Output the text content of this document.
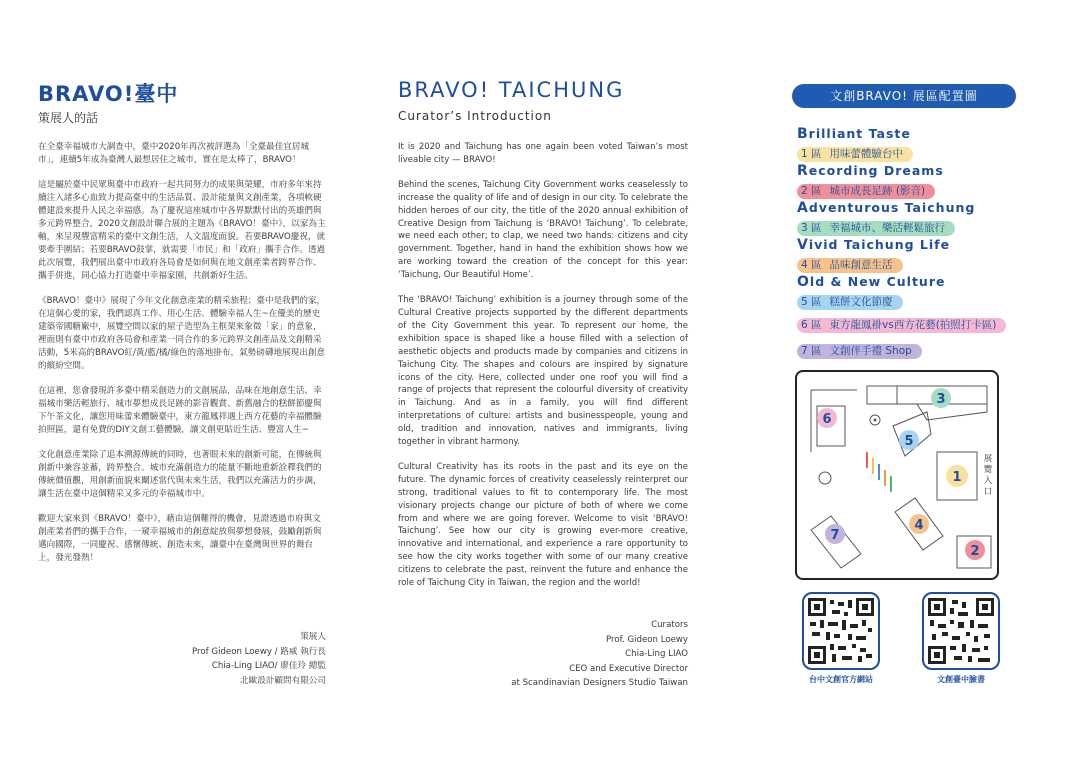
BRAVO!臺中
策展人的話

在全臺幸福城市大調查中，臺中2020年再次被評選為「全臺最佳宜居城市」，連續5年成為臺灣人最想居住之城市，實在是太棒了，BRAVO！

這是屬於臺中民眾與臺中市政府一起共同努力的成果與榮耀，市府多年來持續注入諸多心血致力提高臺中的生活品質、設計能量與文創產業，各項軟硬體建設來提升人民之幸福感。為了慶祝這座城市中各界默默付出的英雄們與多元跨界整合，2020文創設計聯合展的主題為《BRAVO！臺中》，以家為主軸，來呈現豐富精采的臺中文創生活，人文溫度面貌。若要BRAVO慶祝，就要牽手圍結；若要BRAVO鼓掌，就需要「市民」和「政府」攜手合作。透過此次展覽，我們展出臺中市政府各局會是如何與在地文創產業者跨界合作、攜手併進，同心協力打造臺中幸福家園，共創新好生活。

《BRAVO！臺中》展現了今年文化創意產業的精采旅程；臺中是我們的家，在這個心愛的家，我們認真工作、用心生活、體驗幸福人生~在優美的歷史建築帝國糖廠中，展覽空間以家的屋子造型為主框架來象徵「家」的意象，裡面則有臺中市政府各局會和產業一同合作的多元跨界文創產品及文創精采活動，5米高的BRAVO紅/黃/藍/橘/綠色的落地掛布，氣勢磅礴地展現出創意的繽紛空間。

在這裡，您會發現許多臺中精采創造力的文創展品，品味在地創意生活、幸福城市樂活輕旅行、城市夢想成長足跡的影音觀賞、新舊融合的糕餅節慶與下午茶文化，讓您用味蕾來體驗臺中，東方龍鳳祥遇上西方花藝的幸福體驗拍照區，還有免費的DIY文創工藝體驗，讓文創更貼近生活、豐富人生~

文化創意產業除了追本溯源傳統的同時，也著眼未來的創新可能，在傳統與創新中兼容並蓄，跨界整合。城市充滿創造力的能量不斷地重新詮釋我們的傳統價值觀，用創新面貌來闡述當代與未來生活，我們以充滿活力的步調，讓生活在臺中這個精采又多元的幸福城市中。

歡迎大家來到《BRAVO！臺中》，藉由這個難得的機會，見證透過市府與文創產業者們的攜手合作，一窺幸福城市的創意綻放與夢想發展，鼓勵創新與邁向國際，一同慶祝、感懷傳統、創造未來，讓臺中在臺灣與世界的舞台上，發光發熱！

策展人
Prof Gideon Loewy / 路威 執行長
Chia-Ling LIAO/ 廖佳玲 總監
北歐設計顧問有限公司
BRAVO! TAICHUNG
Curator’s Introduction

It is 2020 and Taichung has one again been voted Taiwan’s most liveable city — BRAVO!

Behind the scenes, Taichung City Government works ceaselessly to increase the quality of life and of design in our city. To celebrate the hidden heroes of our city, the title of the 2020 annual exhibition of Creative Design from Taichung is ‘BRAVO! Taichung’. To celebrate, we need each other; to clap, we need two hands: citizens and city government. Together, hand in hand the exhibition shows how we are working toward the creation of the concept for this year: ‘Taichung, Our Beautiful Home’.

The ‘BRAVO! Taichung’ exhibition is a journey through some of the Cultural Creative projects supported by the different departments of the City Government this year. To represent our home, the exhibition space is shaped like a house filled with a selection of aesthetic objects and products made by companies and citizens in Taichung City. The shapes and colours are inspired by signature icons of the city. Here, collected under one roof you will find a range of projects that represent the colourful diversity of creativity in Taichung. And as in a family, you will find different interpretations of culture: artists and businesspeople, young and old, tradition and innovation, natives and immigrants, living together in vibrant harmony.

Cultural Creativity has its roots in the past and its eye on the future. The dynamic forces of creativity ceaselessly reinterpret our strong, traditional values to fit to contemporary life. The most visionary projects change our picture of both of where we come from and where we are going forever. Welcome to visit ‘BRAVO! Taichung’. See how our city is growing ever-more creative, innovative and international, and experience a rare opportunity to see how the city works together with some of our many creative citizens to celebrate the past, reinvent the future and enhance the role of Taichung City in Taiwan, the region and the world!

Curators
Prof. Gideon Loewy
Chia-Ling LIAO
CEO and Executive Director
at Scandinavian Designers Studio Taiwan
文創BRAVO! 展區配置圖
Brilliant Taste
1 區 用味蕾體驗台中
Recording Dreams
2 區 城市成長足跡 (影音)
Adventurous Taichung
3 區 幸福城市、樂活輕鬆旅行
Vivid Taichung Life
4 區 品味創意生活
Old & New Culture
5 區 糕餅文化節慶
6 區 東方龍鳳褂vs西方花藝(拍照打卡區)
7 區 文創伴手禮 Shop
3
6
5
1
4
7
2
展覽入口
台中文創官方網站	文創臺中臉書
